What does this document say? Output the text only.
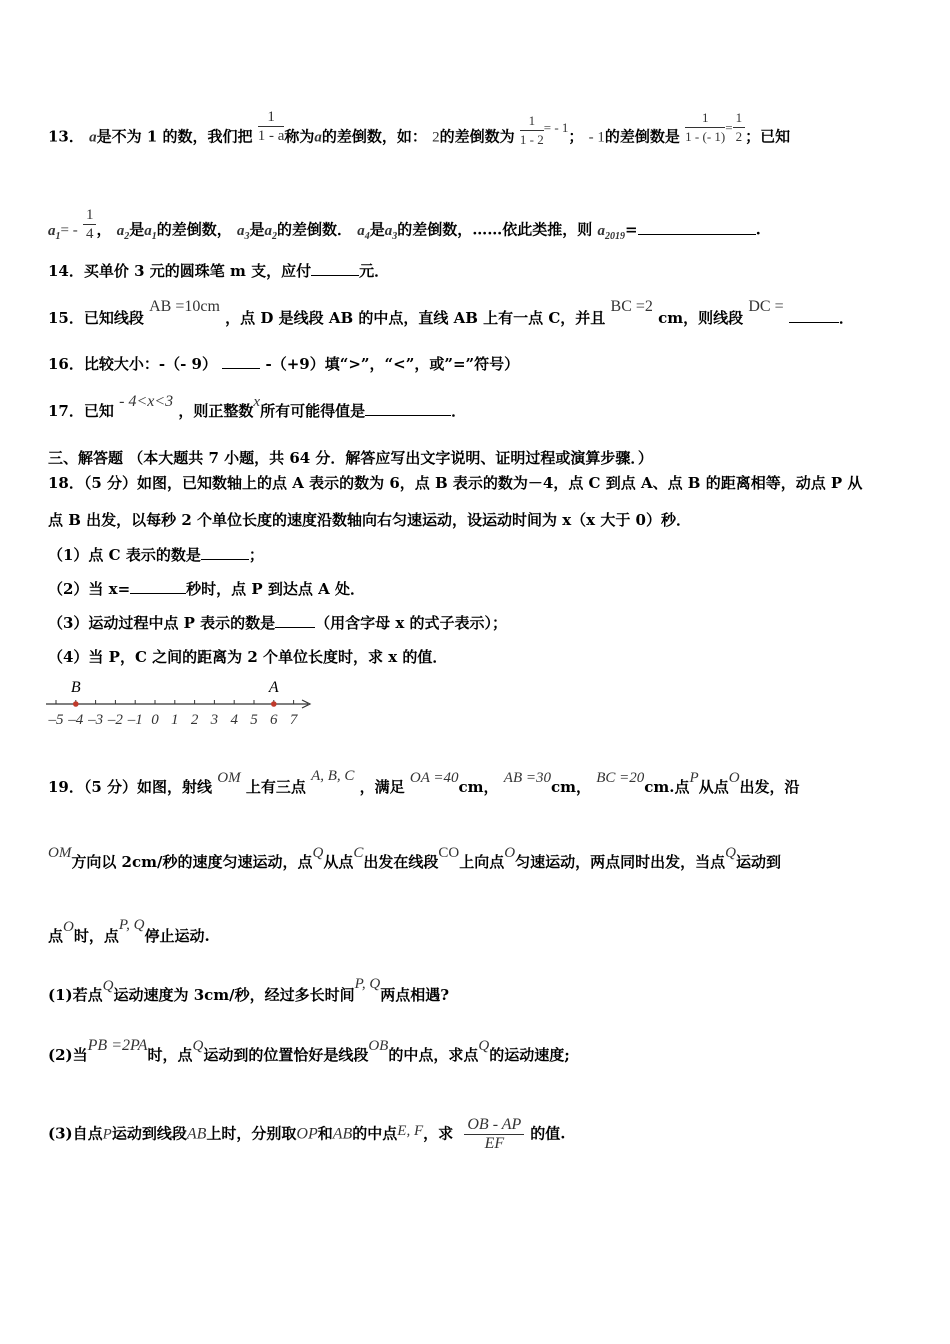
13． a是不为 1 的数，我们把 $\frac{1}{1 - a}$ 称为a的差倒数，如： 2的差倒数为 $\frac{1}{1 - 2}$ = - 1； - 1的差倒数是 $\frac{1}{1 - (- 1)} = \frac{1}{2}$ ；已知
$a_1= - \frac{1}{4}$ ， $a_2$是$a_1$的差倒数， $a_3$是$a_2$的差倒数． $a_4$是$a_3$的差倒数，……依此类推，则 $a_{2019}=$	.
14．买单价 3 元的圆珠笔 m 支，应付	元．
15．已知线段 AB =10cm ，点 D 是线段 AB 的中点，直线 AB 上有一点 C，并且 BC =2 cm，则线段 DC = ．
16．比较大小：-（- 9）	-（+9）填“>”，“<”，或”=”符号）
17．已知 - 4<x<3 ，则正整数x所有可能得值是	．
三、解答题 （本大题共 7 小题，共 64 分．解答应写出文字说明、证明过程或演算步骤．）
18．（5 分）如图，已知数轴上的点 A 表示的数为 6，点 B 表示的数为－4，点 C 到点 A、点 B 的距离相等，动点 P 从
点 B 出发，以每秒 2 个单位长度的速度沿数轴向右匀速运动，设运动时间为 x（x 大于 0）秒．
（1）点 C 表示的数是	；
（2）当 x=	秒时，点 P 到达点 A 处．
（3）运动过程中点 P 表示的数是	（用含字母 x 的式子表示）；
（4）当 P，C 之间的距离为 2 个单位长度时，求 x 的值．
–5 –4 –3 –2 –1 0 1 2 3 4 5 6 7
B	A
19．（5 分）如图，射线 OM 上有三点 A, B, C ，满足 OA =40cm， AB =30cm， BC =20cm.点P从点O出发，沿
OM方向以 2cm/秒的速度匀速运动，点Q从点C出发在线段CO上向点O匀速运动，两点同时出发，当点Q运动到
点O时，点P, Q停止运动.
(1)若点Q运动速度为 3cm/秒，经过多长时间P, Q两点相遇?
(2)当PB =2PA时，点Q运动到的位置恰好是线段OB的中点，求点Q的运动速度;
(3)自点P运动到线段AB上时，分别取OP和AB的中点E, F，求 $\frac{OB - AP}{EF}$ 的值.
